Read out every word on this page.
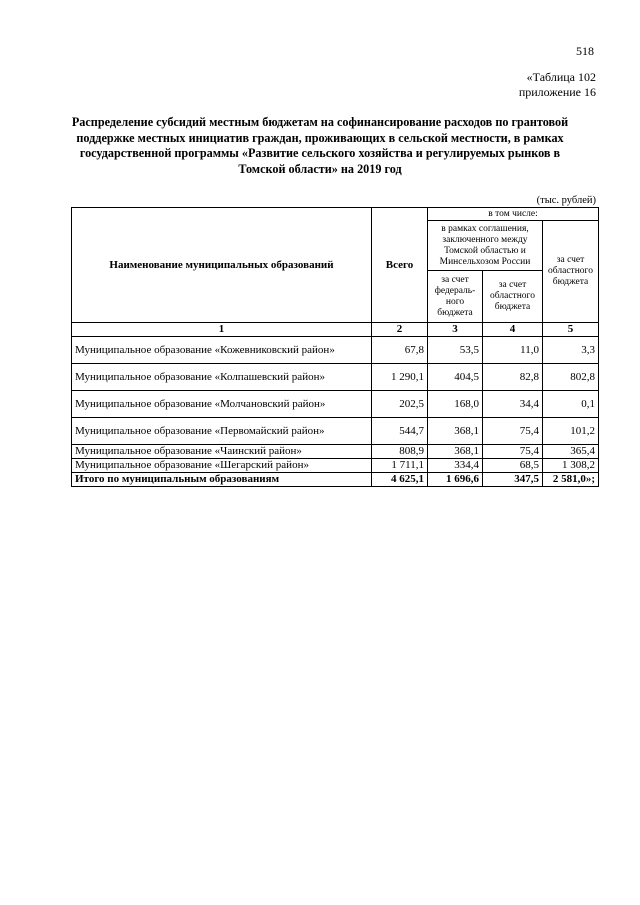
518
«Таблица 102
приложение 16
Распределение субсидий местным бюджетам на софинансирование расходов по грантовой поддержке местных инициатив граждан, проживающих в сельской местности, в рамках государственной программы «Развитие сельского хозяйства и регулируемых рынков в Томской области» на 2019 год
(тыс. рублей)
Наименование муниципальных образований	Всего	в том числе:		
		в рамках соглашения, заключенного между Томской областью и Минсельхозом России		за счет областного бюджета
		за счет федераль-ного бюджета	за счет областного бюджета	
1	2	3	4	5
Муниципальное образование «Кожевниковский район»	67,8	53,5	11,0	3,3
Муниципальное образование «Колпашевский район»	1 290,1	404,5	82,8	802,8
Муниципальное образование «Молчановский район»	202,5	168,0	34,4	0,1
Муниципальное образование «Первомайский район»	544,7	368,1	75,4	101,2
Муниципальное образование «Чаинский район»	808,9	368,1	75,4	365,4
Муниципальное образование «Шегарский район»	1 711,1	334,4	68,5	1 308,2
Итого по муниципальным образованиям	4 625,1	1 696,6	347,5	2 581,0»;
